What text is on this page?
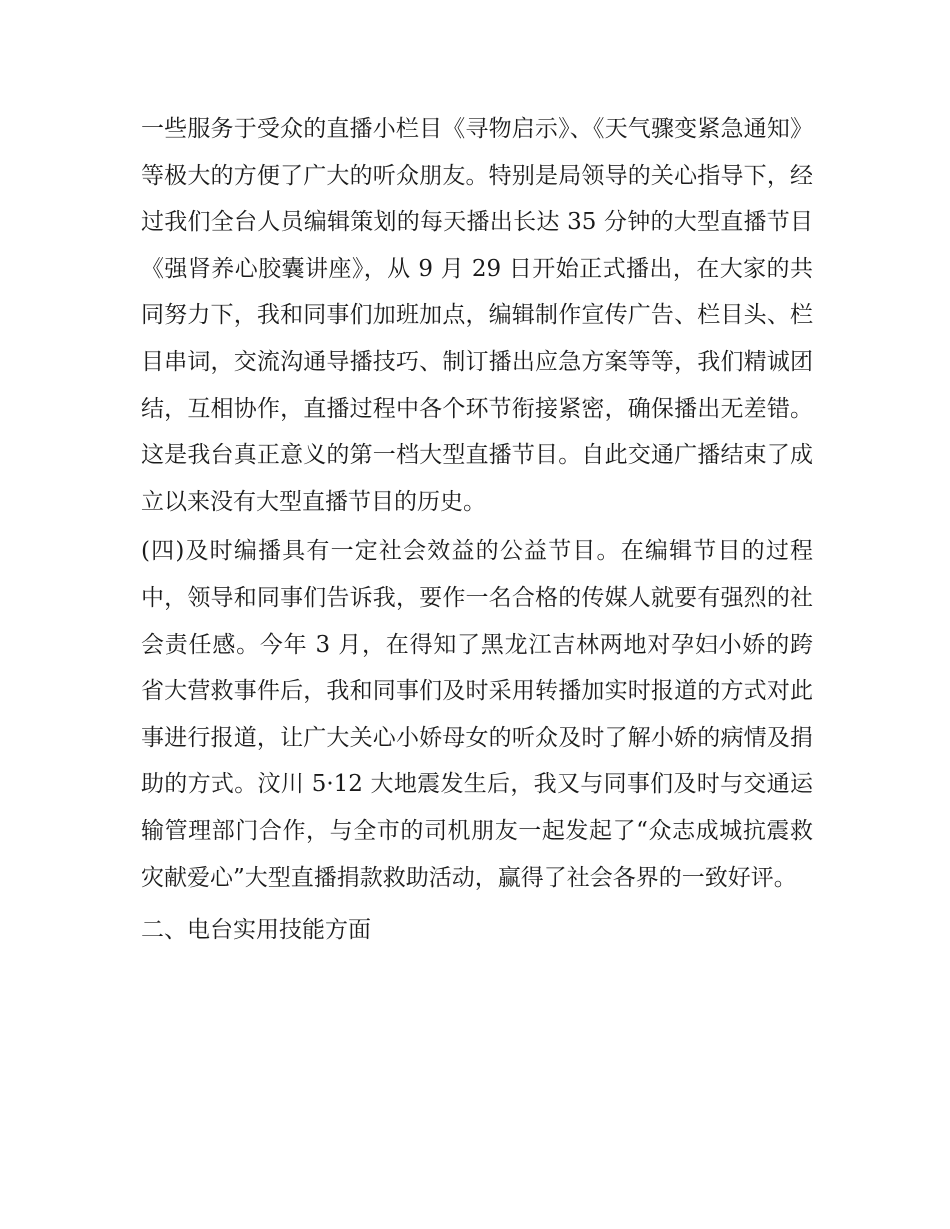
一些服务于受众的直播小栏目《寻物启示》、《天气骤变紧急通知》等极大的方便了广大的听众朋友。特别是局领导的关心指导下，经过我们全台人员编辑策划的每天播出长达 35 分钟的大型直播节目《强肾养心胶囊讲座》，从 9 月 29 日开始正式播出，在大家的共同努力下，我和同事们加班加点，编辑制作宣传广告、栏目头、栏目串词，交流沟通导播技巧、制订播出应急方案等等，我们精诚团结，互相协作，直播过程中各个环节衔接紧密，确保播出无差错。这是我台真正意义的第一档大型直播节目。自此交通广播结束了成立以来没有大型直播节目的历史。

(四)及时编播具有一定社会效益的公益节目。在编辑节目的过程中，领导和同事们告诉我，要作一名合格的传媒人就要有强烈的社会责任感。今年 3 月，在得知了黑龙江吉林两地对孕妇小娇的跨省大营救事件后，我和同事们及时采用转播加实时报道的方式对此事进行报道，让广大关心小娇母女的听众及时了解小娇的病情及捐助的方式。汶川 5·12 大地震发生后，我又与同事们及时与交通运输管理部门合作，与全市的司机朋友一起发起了“众志成城抗震救灾献爱心”大型直播捐款救助活动，赢得了社会各界的一致好评。

二、电台实用技能方面
